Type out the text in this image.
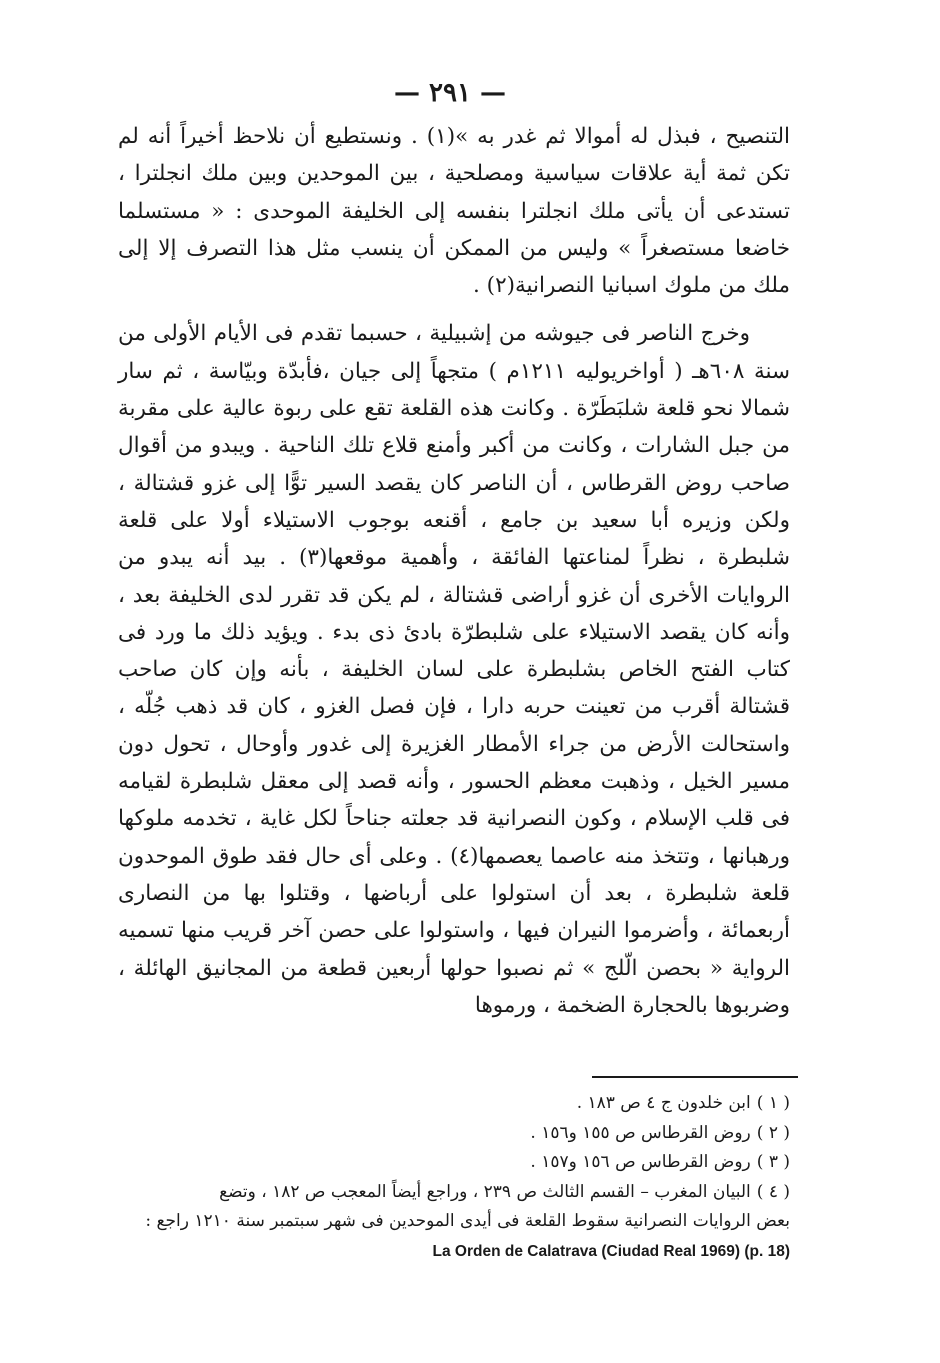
— ٢٩١ —

التنصيح ، فبذل له أموالا ثم غدر به »(١) . ونستطيع أن نلاحظ أخيراً أنه لم تكن ثمة أية علاقات سياسية ومصلحية ، بين الموحدين وبين ملك انجلترا ، تستدعى أن يأتى ملك انجلترا بنفسه إلى الخليفة الموحدى : « مستسلما خاضعا مستصغراً » وليس من الممكن أن ينسب مثل هذا التصرف إلا إلى ملك من ملوك اسبانيا النصرانية(٢) .

وخرج الناصر فى جيوشه من إشبيلية ، حسبما تقدم فى الأيام الأولى من سنة ٦٠٨هـ ( أواخريوليه ١٢١١م ) متجهاً إلى جيان ،فأبدّة وبيّاسة ، ثم سار شمالا نحو قلعة شلبَطَرّة . وكانت هذه القلعة تقع على ربوة عالية على مقربة من جبل الشارات ، وكانت من أكبر وأمنع قلاع تلك الناحية . ويبدو من أقوال صاحب روض القرطاس ، أن الناصر كان يقصد السير توًّا إلى غزو قشتالة ، ولكن وزيره أبا سعيد بن جامع ، أقنعه بوجوب الاستيلاء أولا على قلعة شلبطرة ، نظراً لمناعتها الفائقة ، وأهمية موقعها(٣) . بيد أنه يبدو من الروايات الأخرى أن غزو أراضى قشتالة ، لم يكن قد تقرر لدى الخليفة بعد ، وأنه كان يقصد الاستيلاء على شلبطرّة بادئ ذى بدء . ويؤيد ذلك ما ورد فى كتاب الفتح الخاص بشلبطرة على لسان الخليفة ، بأنه وإن كان صاحب قشتالة أقرب من تعينت حربه دارا ، فإن فصل الغزو ، كان قد ذهب جُلّه ، واستحالت الأرض من جراء الأمطار الغزيرة إلى غدور وأوحال ، تحول دون مسير الخيل ، وذهبت معظم الحسور ، وأنه قصد إلى معقل شلبطرة لقيامه فى قلب الإسلام ، وكون النصرانية قد جعلته جناحاً لكل غاية ، تخدمه ملوكها ورهبانها ، وتتخذ منه عاصما يعصمها(٤) . وعلى أى حال فقد طوق الموحدون قلعة شلبطرة ، بعد أن استولوا على أرباضها ، وقتلوا بها من النصارى أربعمائة ، وأضرموا النيران فيها ، واستولوا على حصن آخر قريب منها تسميه الرواية « بحصن الّلج » ثم نصبوا حولها أربعين قطعة من المجانيق الهائلة ، وضربوها بالحجارة الضخمة ، ورموها

( ١ )ابن خلدون ج ٤ ص ١٨٣ .

( ٢ )روض القرطاس ص ١٥٥ و١٥٦ .

( ٣ )روض القرطاس ص ١٥٦ و١٥٧ .

( ٤ )البيان المغرب – القسم الثالث ص ٢٣٩ ، وراجع أيضاً المعجب ص ١٨٢ ، وتضع

بعض الروايات النصرانية سقوط القلعة فى أيدى الموحدين فى شهر سبتمبر سنة ١٢١٠ راجع :

La Orden de Calatrava (Ciudad Real 1969) (p. 18)
